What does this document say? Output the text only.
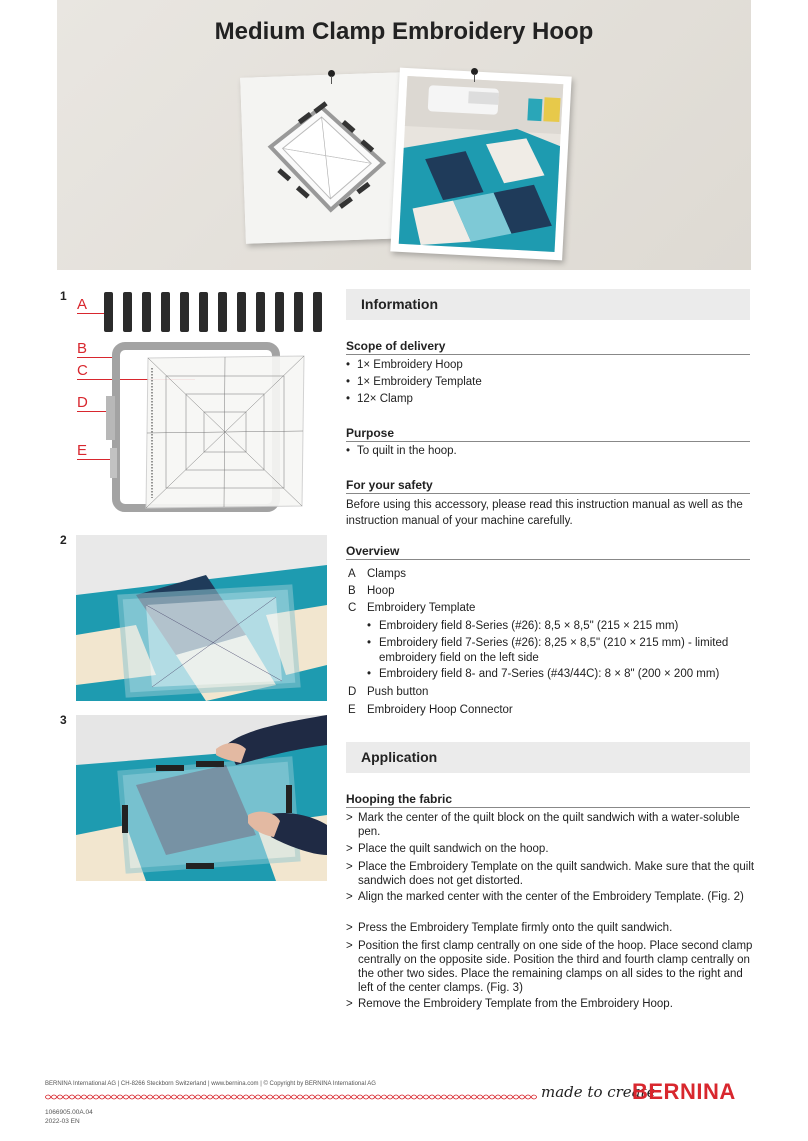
Medium Clamp Embroidery Hoop
1 A
B
C
D
E
2
3
Information
Scope of delivery
• 1× Embroidery Hoop
• 1× Embroidery Template
• 12× Clamp
Purpose
• To quilt in the hoop.
For your safety
Before using this accessory, please read this instruction manual as well as the instruction manual of your machine carefully.
Overview
A Clamps
B Hoop
C Embroidery Template
• Embroidery field 8-Series (#26): 8,5 × 8,5" (215 × 215 mm)
• Embroidery field 7-Series (#26): 8,25 × 8,5" (210 × 215 mm) - limited embroidery field on the left side
• Embroidery field 8- and 7-Series (#43/44C): 8 × 8" (200 × 200 mm)
D Push button
E Embroidery Hoop Connector
Application
Hooping the fabric
> Mark the center of the quilt block on the quilt sandwich with a water-soluble pen.
> Place the quilt sandwich on the hoop.
> Place the Embroidery Template on the quilt sandwich. Make sure that the quilt sandwich does not get distorted.
> Align the marked center with the center of the Embroidery Template. (Fig. 2)
> Press the Embroidery Template firmly onto the quilt sandwich.
> Position the first clamp centrally on one side of the hoop. Place second clamp centrally on the opposite side. Position the third and fourth clamp centrally on the other two sides. Place the remaining clamps on all sides to the right and left of the center clamps. (Fig. 3)
> Remove the Embroidery Template from the Embroidery Hoop.
BERNINA International AG | CH-8266 Steckborn Switzerland | www.bernina.com | © Copyright by BERNINA International AG	made to create
BERNINA
1066905.00A.04
2022-03 EN
